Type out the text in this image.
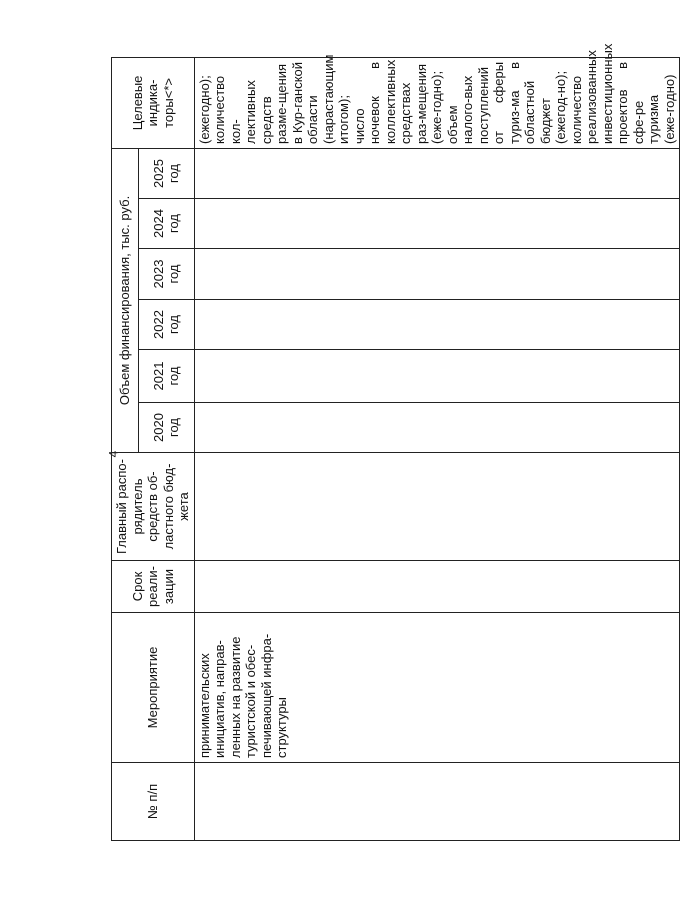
4
№ п/п	Мероприятие	Срок реали-зации	Главный распо-рядитель средств об-ластного бюд-жета	Объем финансирования, тыс. руб.						Целевые индика-торы<*>
				2020 год	2021 год	2022 год	2023 год	2024 год	2025 год	
	принимательских инициатив, направ-ленных на развитие туристской и обес-печивающей инфра-структуры									(ежегодно); количество кол-лективных средств разме-щения в Кур-ганской области (нарастающим итогом); число ночевок в коллективных средствах раз-мещения (еже-годно); объем налого-вых поступлений от сферы туриз-ма в областной бюджет (ежегод-но); количество реализованных инвестиционных проектов в сфе-ре туризма (еже-годно)
